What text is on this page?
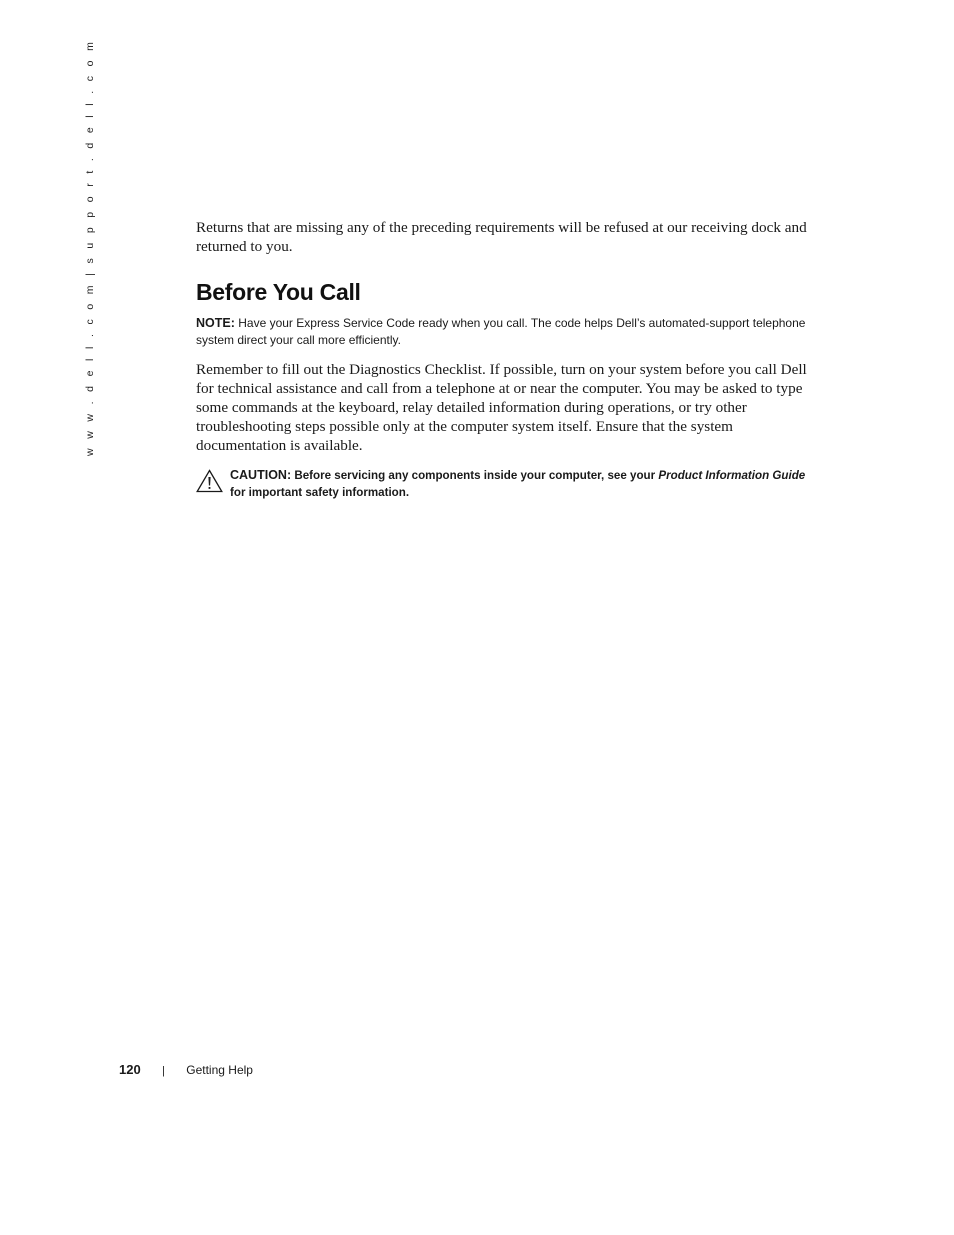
w w w . d e l l . c o m | s u p p o r t . d e l l . c o m	Returns that are missing any of the preceding requirements will be refused at our receiving dock and returned to you.

Before You Call
NOTE: Have your Express Service Code ready when you call. The code helps Dell’s automated-support telephone system direct your call more efficiently.

Remember to fill out the Diagnostics Checklist. If possible, turn on your system before you call Dell for technical assistance and call from a telephone at or near the computer. You may be asked to type some commands at the keyboard, relay detailed information during operations, or try other troubleshooting steps possible only at the computer system itself. Ensure that the system documentation is available.

CAUTION: Before servicing any components inside your computer, see your Product Information Guide for important safety information.
120 | Getting Help
